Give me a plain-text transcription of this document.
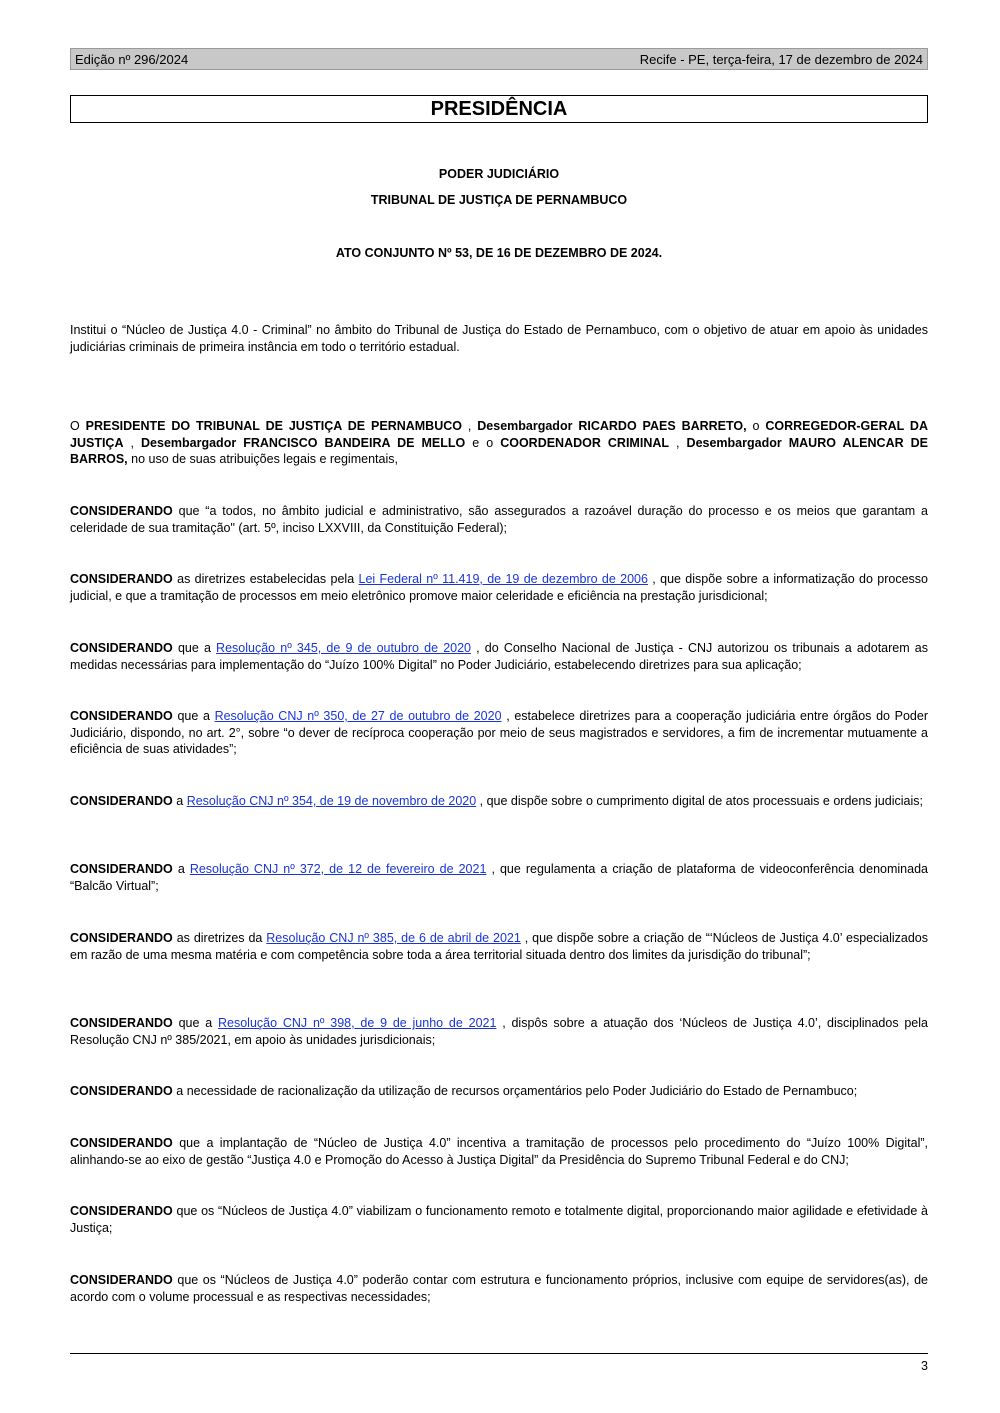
Edição nº 296/2024	Recife - PE, terça-feira, 17 de dezembro de 2024
PRESIDÊNCIA
PODER JUDICIÁRIO
TRIBUNAL DE JUSTIÇA DE PERNAMBUCO
ATO CONJUNTO Nº 53, DE 16 DE DEZEMBRO DE 2024.
Institui o “Núcleo de Justiça 4.0 - Criminal” no âmbito do Tribunal de Justiça do Estado de Pernambuco, com o objetivo de atuar em apoio às unidades judiciárias criminais de primeira instância em todo o território estadual.
O PRESIDENTE DO TRIBUNAL DE JUSTIÇA DE PERNAMBUCO , Desembargador RICARDO PAES BARRETO, o CORREGEDOR-GERAL DA JUSTIÇA , Desembargador FRANCISCO BANDEIRA DE MELLO e o COORDENADOR CRIMINAL , Desembargador MAURO ALENCAR DE BARROS, no uso de suas atribuições legais e regimentais,
CONSIDERANDO que “a todos, no âmbito judicial e administrativo, são assegurados a razoável duração do processo e os meios que garantam a celeridade de sua tramitação" (art. 5º, inciso LXXVIII, da Constituição Federal);
CONSIDERANDO as diretrizes estabelecidas pela Lei Federal nº 11.419, de 19 de dezembro de 2006 , que dispõe sobre a informatização do processo judicial, e que a tramitação de processos em meio eletrônico promove maior celeridade e eficiência na prestação jurisdicional;
CONSIDERANDO que a Resolução nº 345, de 9 de outubro de 2020 , do Conselho Nacional de Justiça - CNJ autorizou os tribunais a adotarem as medidas necessárias para implementação do “Juízo 100% Digital” no Poder Judiciário, estabelecendo diretrizes para sua aplicação;
CONSIDERANDO que a Resolução CNJ nº 350, de 27 de outubro de 2020 , estabelece diretrizes para a cooperação judiciária entre órgãos do Poder Judiciário, dispondo, no art. 2°, sobre “o dever de recíproca cooperação por meio de seus magistrados e servidores, a fim de incrementar mutuamente a eficiência de suas atividades”;
CONSIDERANDO a Resolução CNJ nº 354, de 19 de novembro de 2020 , que dispõe sobre o cumprimento digital de atos processuais e ordens judiciais;
CONSIDERANDO a Resolução CNJ nº 372, de 12 de fevereiro de 2021 , que regulamenta a criação de plataforma de videoconferência denominada “Balcão Virtual”;
CONSIDERANDO as diretrizes da Resolução CNJ nº 385, de 6 de abril de 2021 , que dispõe sobre a criação de “‘Núcleos de Justiça 4.0’ especializados em razão de uma mesma matéria e com competência sobre toda a área territorial situada dentro dos limites da jurisdição do tribunal”;
CONSIDERANDO que a Resolução CNJ nº 398, de 9 de junho de 2021 , dispôs sobre a atuação dos ‘Núcleos de Justiça 4.0’, disciplinados pela Resolução CNJ nº 385/2021, em apoio às unidades jurisdicionais;
CONSIDERANDO a necessidade de racionalização da utilização de recursos orçamentários pelo Poder Judiciário do Estado de Pernambuco;
CONSIDERANDO que a implantação de “Núcleo de Justiça 4.0” incentiva a tramitação de processos pelo procedimento do “Juízo 100% Digital”, alinhando-se ao eixo de gestão “Justiça 4.0 e Promoção do Acesso à Justiça Digital” da Presidência do Supremo Tribunal Federal e do CNJ;
CONSIDERANDO que os “Núcleos de Justiça 4.0” viabilizam o funcionamento remoto e totalmente digital, proporcionando maior agilidade e efetividade à Justiça;
CONSIDERANDO que os “Núcleos de Justiça 4.0” poderão contar com estrutura e funcionamento próprios, inclusive com equipe de servidores(as), de acordo com o volume processual e as respectivas necessidades;
3
